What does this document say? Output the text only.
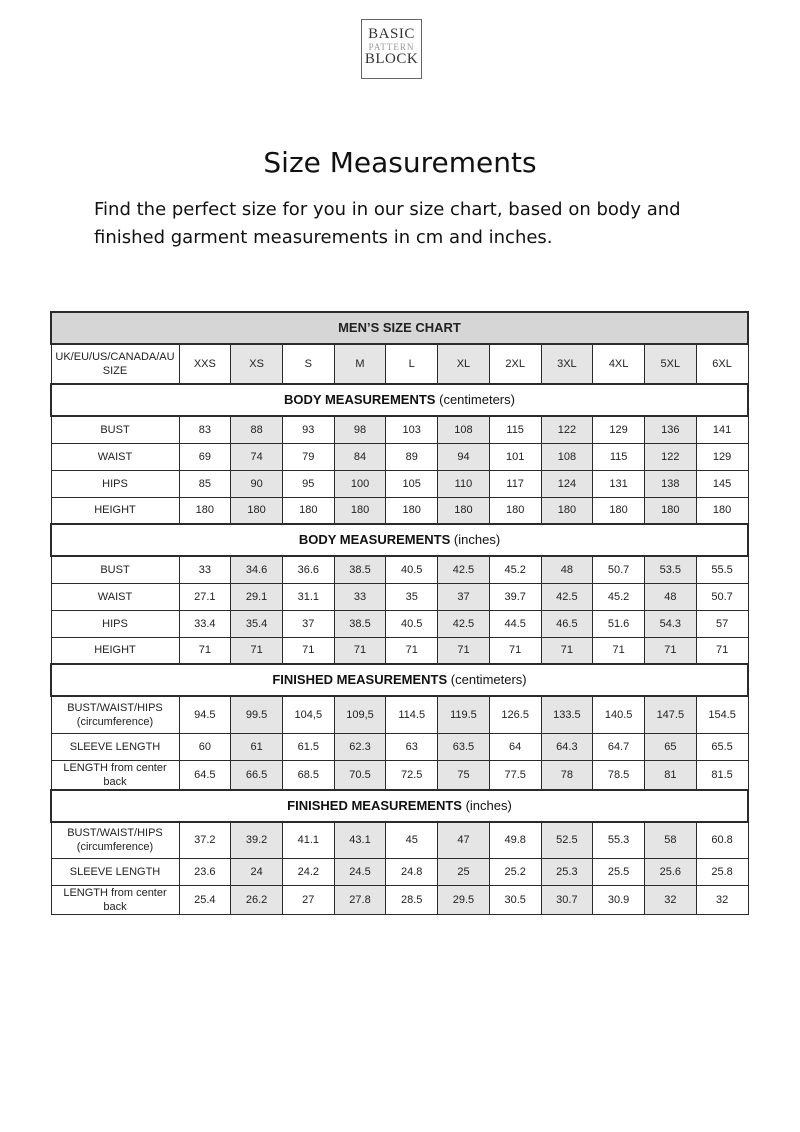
BASIC
PATTERN
BLOCK
Size Measurements

Find the perfect size for you in our size chart, based on body and finished garment measurements in cm and inches.

MEN’S SIZE CHART											
UK/EU/US/CANADA/AU SIZE	XXS	XS	S	M	L	XL	2XL	3XL	4XL	5XL	6XL
BODY MEASUREMENTS (centimeters)											
BUST	83	88	93	98	103	108	115	122	129	136	141
WAIST	69	74	79	84	89	94	101	108	115	122	129
HIPS	85	90	95	100	105	110	117	124	131	138	145
HEIGHT	180	180	180	180	180	180	180	180	180	180	180
BODY MEASUREMENTS (inches)											
BUST	33	34.6	36.6	38.5	40.5	42.5	45.2	48	50.7	53.5	55.5
WAIST	27.1	29.1	31.1	33	35	37	39.7	42.5	45.2	48	50.7
HIPS	33.4	35.4	37	38.5	40.5	42.5	44.5	46.5	51.6	54.3	57
HEIGHT	71	71	71	71	71	71	71	71	71	71	71
FINISHED MEASUREMENTS (centimeters)											
BUST/WAIST/HIPS (circumference)	94.5	99.5	104,5	109,5	114.5	119.5	126.5	133.5	140.5	147.5	154.5
SLEEVE LENGTH	60	61	61.5	62.3	63	63.5	64	64.3	64.7	65	65.5
LENGTH from center back	64.5	66.5	68.5	70.5	72.5	75	77.5	78	78.5	81	81.5
FINISHED MEASUREMENTS (inches)											
BUST/WAIST/HIPS (circumference)	37.2	39.2	41.1	43.1	45	47	49.8	52.5	55.3	58	60.8
SLEEVE LENGTH	23.6	24	24.2	24.5	24.8	25	25.2	25.3	25.5	25.6	25.8
LENGTH from center back	25.4	26.2	27	27.8	28.5	29.5	30.5	30.7	30.9	32	32
